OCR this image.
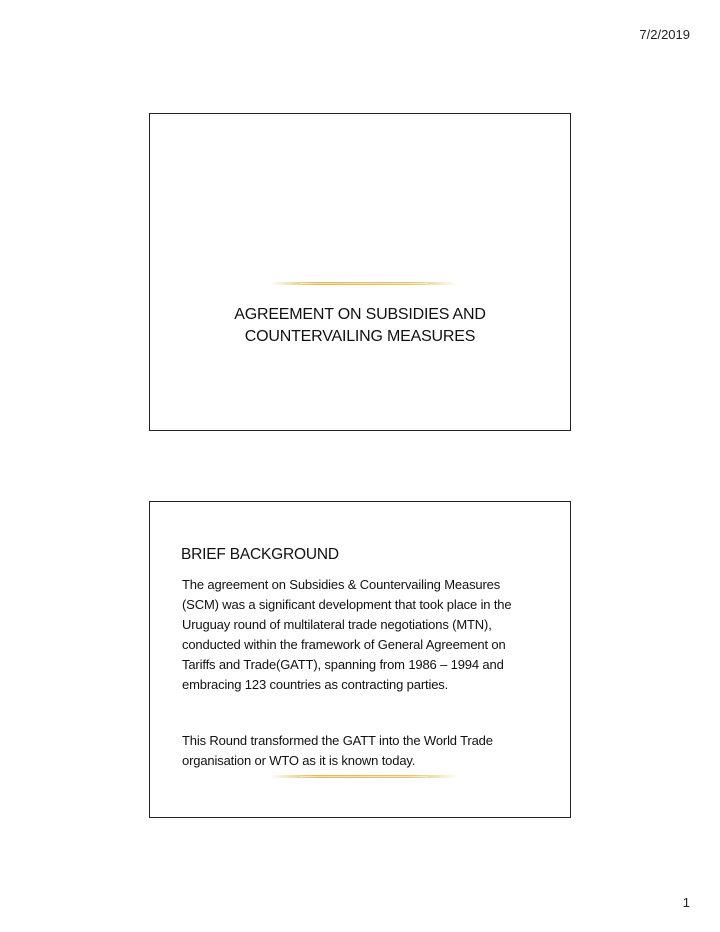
7/2/2019
AGREEMENT ON SUBSIDIES AND
COUNTERVAILING MEASURES
BRIEF BACKGROUND
The agreement on Subsidies & Countervailing Measures
(SCM) was a significant development that took place in the
Uruguay round of multilateral trade negotiations (MTN),
conducted within the framework of General Agreement on
Tariffs and Trade(GATT), spanning from 1986 – 1994 and
embracing 123 countries as contracting parties.
This Round transformed the GATT into the World Trade
organisation or WTO as it is known today.
1
